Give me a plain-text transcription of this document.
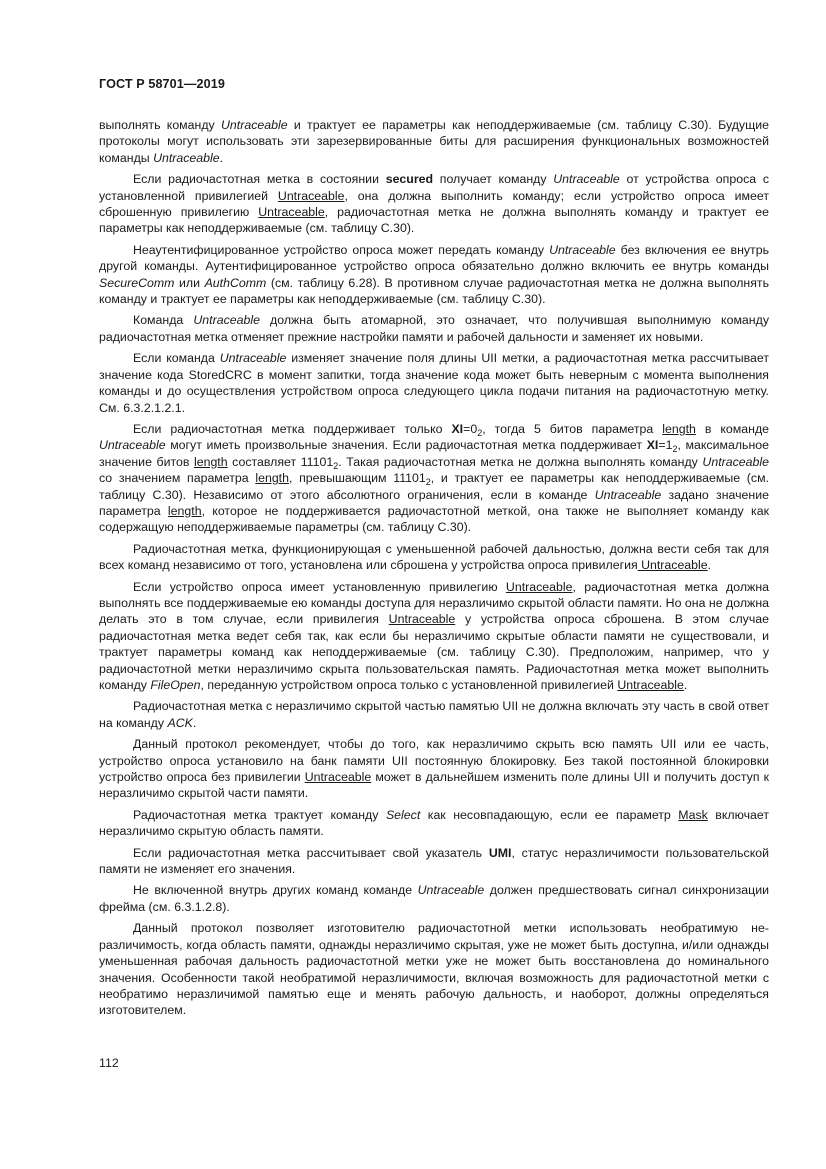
ГОСТ Р 58701—2019

выполнять команду Untraceable и трактует ее параметры как неподдерживаемые (см. таблицу С.30). Будущие протоколы могут использовать эти зарезервированные биты для расширения функциональных возможностей команды Untraceable.

Если радиочастотная метка в состоянии secured получает команду Untraceable от устройства опроса с установленной привилегией Untraceable, она должна выполнить команду; если устройство опроса имеет сброшенную привилегию Untraceable, радиочастотная метка не должна выполнять команду и трактует ее параметры как неподдерживаемые (см. таблицу С.30).

Неаутентифицированное устройство опроса может передать команду Untraceable без включения ее внутрь другой команды. Аутентифицированное устройство опроса обязательно должно включить ее внутрь команды SecureComm или AuthComm (см. таблицу 6.28). В противном случае радиочастотная метка не должна выполнять команду и трактует ее параметры как неподдерживаемые (см. таблицу С.30).

Команда Untraceable должна быть атомарной, это означает, что получившая выполнимую команду радиочастотная метка отменяет прежние настройки памяти и рабочей дальности и заменяет их новыми.

Если команда Untraceable изменяет значение поля длины UII метки, а радиочастотная метка рассчитывает значение кода StoredCRC в момент запитки, тогда значение кода может быть неверным с момента выполнения команды и до осуществления устройством опроса следующего цикла подачи питания на радиочастотную метку. См. 6.3.2.1.2.1.

Если радиочастотная метка поддерживает только $XI=0_2$, тогда 5 битов параметра length в команде Untraceable могут иметь произвольные значения. Если радиочастотная метка поддерживает $XI=1_2$, максимальное значение битов length составляет $11101_2$. Такая радиочастотная метка не должна выполнять команду Untraceable со значением параметра length, превышающим $11101_2$, и трактует ее параметры как неподдерживаемые (см. таблицу С.30). Независимо от этого абсолютного ограничения, если в команде Untraceable задано значение параметра length, которое не поддерживается радиочастотной меткой, она также не выполняет команду как содержащую неподдерживаемые параметры (см. таблицу С.30).

Радиочастотная метка, функционирующая с уменьшенной рабочей дальностью, должна вести себя так для всех команд независимо от того, установлена или сброшена у устройства опроса привилегия Untraceable.

Если устройство опроса имеет установленную привилегию Untraceable, радиочастотная метка должна выполнять все поддерживаемые ею команды доступа для неразличимо скрытой области памяти. Но она не должна делать это в том случае, если привилегия Untraceable у устройства опроса сброшена. В этом случае радиочастотная метка ведет себя так, как если бы неразличимо скрытые области памяти не существовали, и трактует параметры команд как неподдерживаемые (см. таблицу С.30). Предположим, например, что у радиочастотной метки неразличимо скрыта пользовательская память. Радиочастотная метка может выполнить команду FileOpen, переданную устройством опроса только с установленной привилегией Untraceable.

Радиочастотная метка с неразличимо скрытой частью памятью UII не должна включать эту часть в свой ответ на команду ACK.

Данный протокол рекомендует, чтобы до того, как неразличимо скрыть всю память UII или ее часть, устройство опроса установило на банк памяти UII постоянную блокировку. Без такой постоянной блокировки устройство опроса без привилегии Untraceable может в дальнейшем изменить поле длины UII и получить доступ к неразличимо скрытой части памяти.

Радиочастотная метка трактует команду Select как несовпадающую, если ее параметр Mask включает неразличимо скрытую область памяти.

Если радиочастотная метка рассчитывает свой указатель UMI, статус неразличимости пользовательской памяти не изменяет его значения.

Не включенной внутрь других команд команде Untraceable должен предшествовать сигнал синхронизации фрейма (см. 6.3.1.2.8).

Данный протокол позволяет изготовителю радиочастотной метки использовать необратимую неразличимость, когда область памяти, однажды неразличимо скрытая, уже не может быть доступна, и/или однажды уменьшенная рабочая дальность радиочастотной метки уже не может быть восстановлена до номинального значения. Особенности такой необратимой неразличимости, включая возможность для радиочастотной метки с необратимо неразличимой памятью еще и менять рабочую дальность, и наоборот, должны определяться изготовителем.

112
